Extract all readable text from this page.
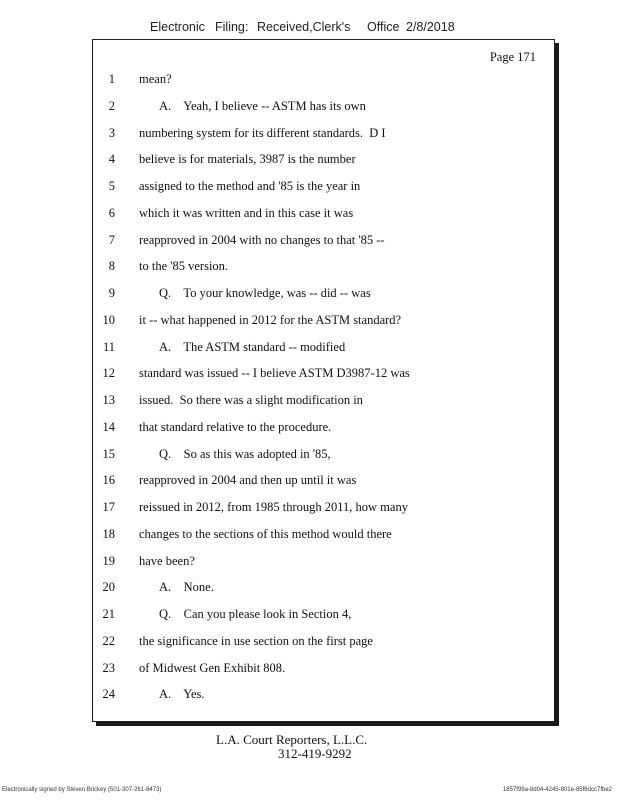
Electronic Filing: Received,Clerk's Office 2/8/2018
Page 171
1 mean?
2	A.    Yeah, I believe -- ASTM has its own
3 numbering system for its different standards.  D I
4 believe is for materials, 3987 is the number
5 assigned to the method and '85 is the year in
6 which it was written and in this case it was
7 reapproved in 2004 with no changes to that '85 --
8 to the '85 version.
9	Q.    To your knowledge, was -- did -- was
10 it -- what happened in 2012 for the ASTM standard?
11	A.    The ASTM standard -- modified
12 standard was issued -- I believe ASTM D3987-12 was
13 issued.  So there was a slight modification in
14 that standard relative to the procedure.
15	Q.    So as this was adopted in '85,
16 reapproved in 2004 and then up until it was
17 reissued in 2012, from 1985 through 2011, how many
18 changes to the sections of this method would there
19 have been?
20	A.    None.
21	Q.    Can you please look in Section 4,
22 the significance in use section on the first page
23 of Midwest Gen Exhibit 808.
24	A.    Yes.
L.A. Court Reporters, L.L.C.
312-419-9292
Electronically signed by Steven Brickey (501-307-261-8473)	1857f99a-8d04-4245-801e-85f6dcc7fbe2
